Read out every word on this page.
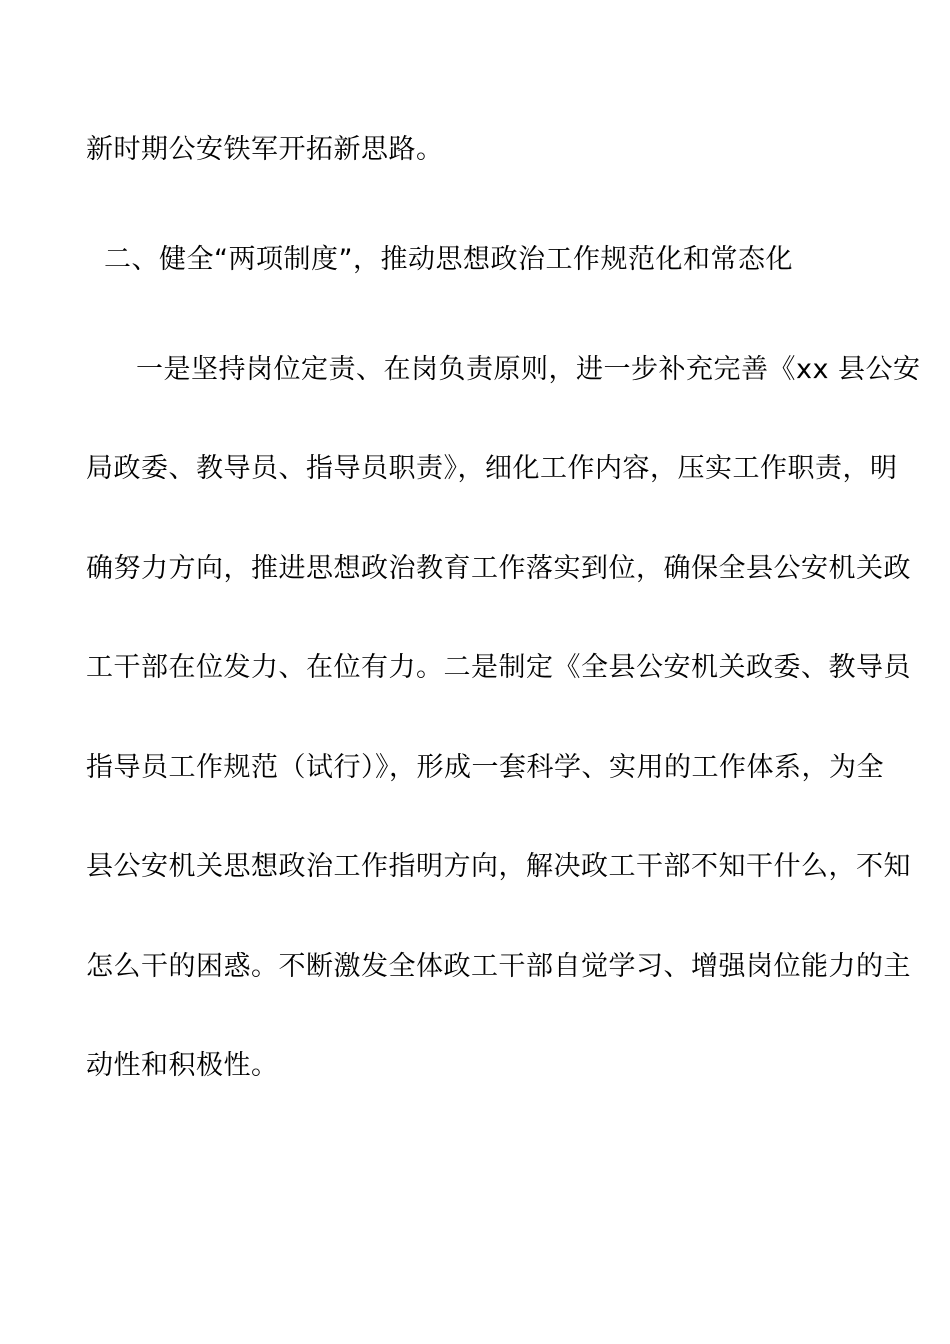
新时期公安铁军开拓新思路。
二、健全“两项制度”，推动思想政治工作规范化和常态化
一是坚持岗位定责、在岗负责原则，进一步补充完善《xx 县公安
局政委、教导员、指导员职责》，细化工作内容，压实工作职责，明
确努力方向，推进思想政治教育工作落实到位，确保全县公安机关政
工干部在位发力、在位有力。二是制定《全县公安机关政委、教导员
指导员工作规范（试行）》，形成一套科学、实用的工作体系，为全
县公安机关思想政治工作指明方向，解决政工干部不知干什么，不知
怎么干的困惑。不断激发全体政工干部自觉学习、增强岗位能力的主
动性和积极性。
